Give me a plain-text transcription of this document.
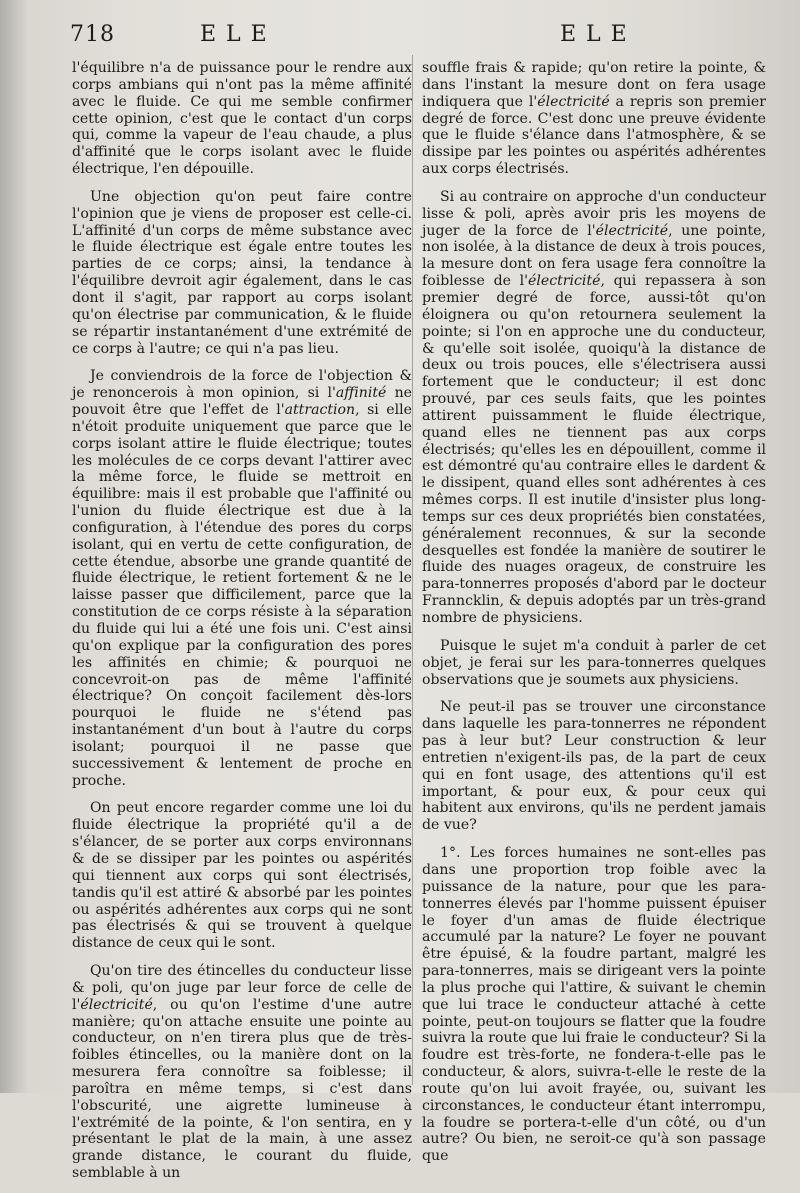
718	ELE	ELE

l'équilibre n'a de puissance pour le rendre aux corps ambians qui n'ont pas la même affinité avec le fluide. Ce qui me semble confirmer cette opinion, c'est que le contact d'un corps qui, comme la vapeur de l'eau chaude, a plus d'affinité que le corps isolant avec le fluide électrique, l'en dépouille.

Une objection qu'on peut faire contre l'opinion que je viens de proposer est celle-ci. L'affinité d'un corps de même substance avec le fluide électrique est égale entre toutes les parties de ce corps; ainsi, la tendance à l'équilibre devroit agir également, dans le cas dont il s'agit, par rapport au corps isolant qu'on électrise par communication, & le fluide se répartir instantanément d'une extrémité de ce corps à l'autre; ce qui n'a pas lieu.

Je conviendrois de la force de l'objection & je renoncerois à mon opinion, si l'affinité ne pouvoit être que l'effet de l'attraction, si elle n'étoit produite uniquement que parce que le corps isolant attire le fluide électrique; toutes les molécules de ce corps devant l'attirer avec la même force, le fluide se mettroit en équilibre: mais il est probable que l'affinité ou l'union du fluide électrique est due à la configuration, à l'étendue des pores du corps isolant, qui en vertu de cette configuration, de cette étendue, absorbe une grande quantité de fluide électrique, le retient fortement & ne le laisse passer que difficilement, parce que la constitution de ce corps résiste à la séparation du fluide qui lui a été une fois uni. C'est ainsi qu'on explique par la configuration des pores les affinités en chimie; & pourquoi ne concevroit-on pas de même l'affinité électrique? On conçoit facilement dès-lors pourquoi le fluide ne s'étend pas instantanément d'un bout à l'autre du corps isolant; pourquoi il ne passe que successivement & lentement de proche en proche.

On peut encore regarder comme une loi du fluide électrique la propriété qu'il a de s'élancer, de se porter aux corps environnans & de se dissiper par les pointes ou aspérités qui tiennent aux corps qui sont électrisés, tandis qu'il est attiré & absorbé par les pointes ou aspérités adhérentes aux corps qui ne sont pas électrisés & qui se trouvent à quelque distance de ceux qui le sont.

Qu'on tire des étincelles du conducteur lisse & poli, qu'on juge par leur force de celle de l'électricité, ou qu'on l'estime d'une autre manière; qu'on attache ensuite une pointe au conducteur, on n'en tirera plus que de très-foibles étincelles, ou la manière dont on la mesurera fera connoître sa foiblesse; il paroîtra en même temps, si c'est dans l'obscurité, une aigrette lumineuse à l'extrémité de la pointe, & l'on sentira, en y présentant le plat de la main, à une assez grande distance, le courant du fluide, semblable à un

souffle frais & rapide; qu'on retire la pointe, & dans l'instant la mesure dont on fera usage indiquera que l'électricité a repris son premier degré de force. C'est donc une preuve évidente que le fluide s'élance dans l'atmosphère, & se dissipe par les pointes ou aspérités adhérentes aux corps électrisés.

Si au contraire on approche d'un conducteur lisse & poli, après avoir pris les moyens de juger de la force de l'électricité, une pointe, non isolée, à la distance de deux à trois pouces, la mesure dont on fera usage fera connoître la foiblesse de l'électricité, qui repassera à son premier degré de force, aussi-tôt qu'on éloignera ou qu'on retournera seulement la pointe; si l'on en approche une du conducteur, & qu'elle soit isolée, quoiqu'à la distance de deux ou trois pouces, elle s'électrisera aussi fortement que le conducteur; il est donc prouvé, par ces seuls faits, que les pointes attirent puissamment le fluide électrique, quand elles ne tiennent pas aux corps électrisés; qu'elles les en dépouillent, comme il est démontré qu'au contraire elles le dardent & le dissipent, quand elles sont adhérentes à ces mêmes corps. Il est inutile d'insister plus long-temps sur ces deux propriétés bien constatées, généralement reconnues, & sur la seconde desquelles est fondée la manière de soutirer le fluide des nuages orageux, de construire les para-tonnerres proposés d'abord par le docteur Franncklin, & depuis adoptés par un très-grand nombre de physiciens.

Puisque le sujet m'a conduit à parler de cet objet, je ferai sur les para-tonnerres quelques observations que je soumets aux physiciens.

Ne peut-il pas se trouver une circonstance dans laquelle les para-tonnerres ne répondent pas à leur but? Leur construction & leur entretien n'exigent-ils pas, de la part de ceux qui en font usage, des attentions qu'il est important, & pour eux, & pour ceux qui habitent aux environs, qu'ils ne perdent jamais de vue?

1°. Les forces humaines ne sont-elles pas dans une proportion trop foible avec la puissance de la nature, pour que les para-tonnerres élevés par l'homme puissent épuiser le foyer d'un amas de fluide électrique accumulé par la nature? Le foyer ne pouvant être épuisé, & la foudre partant, malgré les para-tonnerres, mais se dirigeant vers la pointe la plus proche qui l'attire, & suivant le chemin que lui trace le conducteur attaché à cette pointe, peut-on toujours se flatter que la foudre suivra la route que lui fraie le conducteur? Si la foudre est très-forte, ne fondera-t-elle pas le conducteur, & alors, suivra-t-elle le reste de la route qu'on lui avoit frayée, ou, suivant les circonstances, le conducteur étant interrompu, la foudre se portera-t-elle d'un côté, ou d'un autre? Ou bien, ne seroit-ce qu'à son passage que
